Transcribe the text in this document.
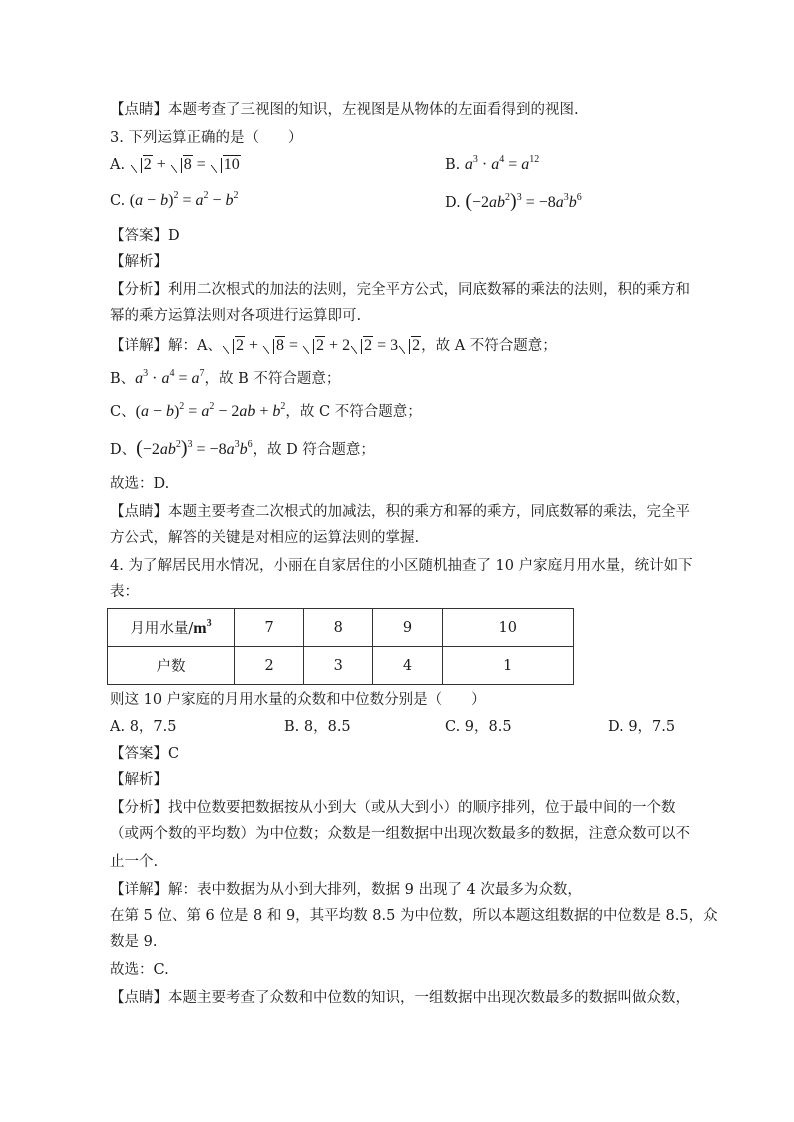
【点睛】本题考查了三视图的知识，左视图是从物体的左面看得到的视图.

3. 下列运算正确的是（　　）

A. 2 + 8 = 10	B. $a^3 \cdot a^4 = a^{12}$
C. $(a - b)^2 = a^2 - b^2$	D. $(-2ab^2)^3 = -8a^3b^6$

【答案】D

【解析】

【分析】利用二次根式的加法的法则，完全平方公式，同底数幂的乘法的法则，积的乘方和

幂的乘方运算法则对各项进行运算即可.

【详解】解：A、 2 + 8 = 2 + 2 2 = 3 2，故 A 不符合题意；
B、$a^3 \cdot a^4 = a^7$，故 B 不符合题意；
C、$(a - b)^2 = a^2 - 2ab + b^2$，故 C 不符合题意；
D、$(-2ab^2)^3 = -8a^3b^6$，故 D 符合题意；

故选：D.

【点睛】本题主要考查二次根式的加减法，积的乘方和幂的乘方，同底数幂的乘法，完全平

方公式，解答的关键是对相应的运算法则的掌握.

4. 为了解居民用水情况，小丽在自家居住的小区随机抽查了 10 户家庭月用水量，统计如下

表：

月用水量$/m^3$	7	8	9	10
户数	2	3	4	1

则这 10 户家庭的月用水量的众数和中位数分别是（　　）

A. 8，7.5	B. 8，8.5	C. 9，8.5	D. 9，7.5

【答案】C

【解析】

【分析】找中位数要把数据按从小到大（或从大到小）的顺序排列，位于最中间的一个数

（或两个数的平均数）为中位数；众数是一组数据中出现次数最多的数据，注意众数可以不

止一个.

【详解】解：表中数据为从小到大排列，数据 9 出现了 4 次最多为众数，

在第 5 位、第 6 位是 8 和 9，其平均数 8.5 为中位数，所以本题这组数据的中位数是 8.5，众

数是 9.

故选：C.

【点睛】本题主要考查了众数和中位数的知识，一组数据中出现次数最多的数据叫做众数，
